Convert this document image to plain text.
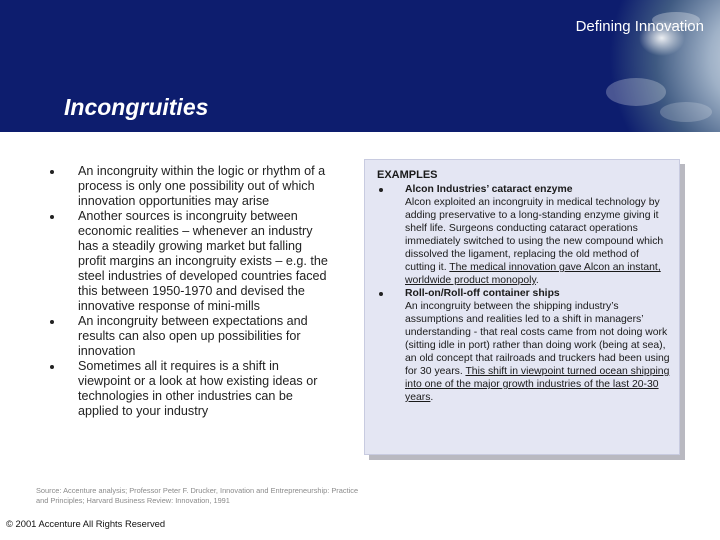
Defining Innovation
Incongruities
An incongruity within the logic or rhythm of a process is only one possibility out of which innovation opportunities may arise
Another sources is incongruity between economic realities – whenever an industry has a steadily growing market but falling profit margins an incongruity exists – e.g. the steel industries of developed countries faced this between 1950-1970 and devised the innovative response of mini-mills
An incongruity between expectations and results can also open up possibilities for innovation
Sometimes all it requires is a shift in viewpoint or a look at how existing ideas or technologies in other industries can be applied to your industry
EXAMPLES
Alcon Industries’ cataract enzyme
Alcon exploited an incongruity in medical technology by adding preservative to a long-standing enzyme giving it shelf life. Surgeons conducting cataract operations immediately switched to using the new compound which dissolved the ligament, replacing the old method of cutting it. The medical innovation gave Alcon an instant, worldwide product monopoly.
Roll-on/Roll-off container ships
An incongruity between the shipping industry’s assumptions and realities led to a shift in managers’ understanding - that real costs came from not doing work (sitting idle in port) rather than doing work (being at sea), an old concept that railroads and truckers had been using for 30 years. This shift in viewpoint turned ocean shipping into one of the major growth industries of the last 20-30 years.
Source: Accenture analysis; Professor Peter F. Drucker, Innovation and Entrepreneurship: Practice and Principles; Harvard Business Review: Innovation, 1991
© 2001 Accenture All Rights Reserved
